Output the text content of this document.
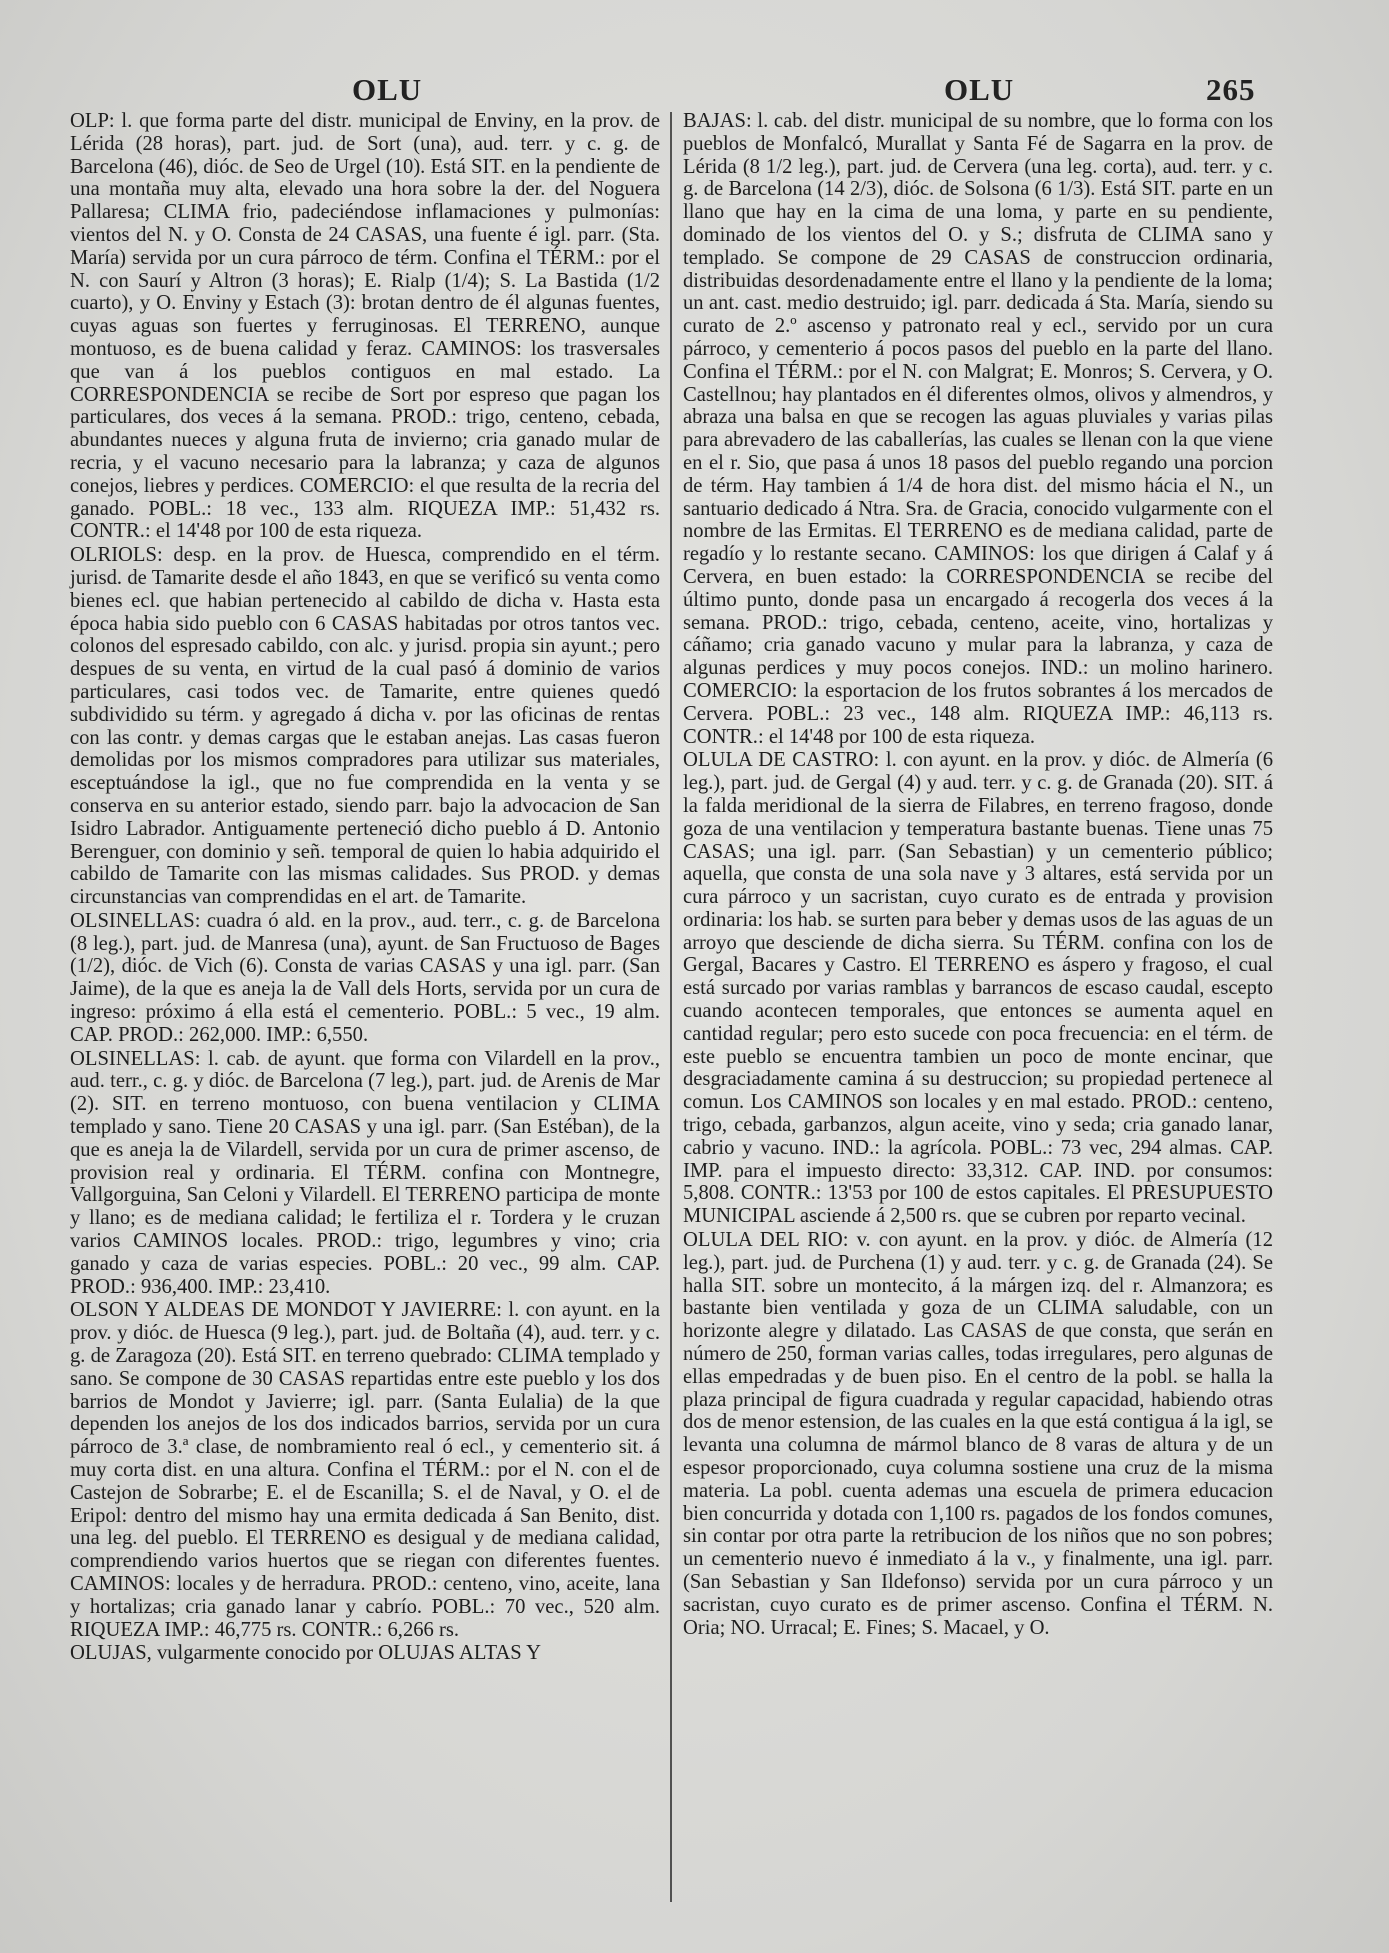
OLU	OLU	265

OLP: l. que forma parte del distr. municipal de Enviny, en la prov. de Lérida (28 horas), part. jud. de Sort (una), aud. terr. y c. g. de Barcelona (46), dióc. de Seo de Urgel (10). Está SIT. en la pendiente de una montaña muy alta, elevado una hora sobre la der. del Noguera Pallaresa; CLIMA frio, padeciéndose inflamaciones y pulmonías: vientos del N. y O. Consta de 24 CASAS, una fuente é igl. parr. (Sta. María) servida por un cura párroco de térm. Confina el TÉRM.: por el N. con Saurí y Altron (3 horas); E. Rialp (1/4); S. La Bastida (1/2 cuarto), y O. Enviny y Estach (3): brotan dentro de él algunas fuentes, cuyas aguas son fuertes y ferruginosas. El TERRENO, aunque montuoso, es de buena calidad y feraz. CAMINOS: los trasversales que van á los pueblos contiguos en mal estado. La CORRESPONDENCIA se recibe de Sort por espreso que pagan los particulares, dos veces á la semana. PROD.: trigo, centeno, cebada, abundantes nueces y alguna fruta de invierno; cria ganado mular de recria, y el vacuno necesario para la labranza; y caza de algunos conejos, liebres y perdices. COMERCIO: el que resulta de la recria del ganado. POBL.: 18 vec., 133 alm. RIQUEZA IMP.: 51,432 rs. CONTR.: el 14'48 por 100 de esta riqueza.

OLRIOLS: desp. en la prov. de Huesca, comprendido en el térm. jurisd. de Tamarite desde el año 1843, en que se verificó su venta como bienes ecl. que habian pertenecido al cabildo de dicha v. Hasta esta época habia sido pueblo con 6 CASAS habitadas por otros tantos vec. colonos del espresado cabildo, con alc. y jurisd. propia sin ayunt.; pero despues de su venta, en virtud de la cual pasó á dominio de varios particulares, casi todos vec. de Tamarite, entre quienes quedó subdividido su térm. y agregado á dicha v. por las oficinas de rentas con las contr. y demas cargas que le estaban anejas. Las casas fueron demolidas por los mismos compradores para utilizar sus materiales, esceptuándose la igl., que no fue comprendida en la venta y se conserva en su anterior estado, siendo parr. bajo la advocacion de San Isidro Labrador. Antiguamente perteneció dicho pueblo á D. Antonio Berenguer, con dominio y señ. temporal de quien lo habia adquirido el cabildo de Tamarite con las mismas calidades. Sus PROD. y demas circunstancias van comprendidas en el art. de Tamarite.

OLSINELLAS: cuadra ó ald. en la prov., aud. terr., c. g. de Barcelona (8 leg.), part. jud. de Manresa (una), ayunt. de San Fructuoso de Bages (1/2), dióc. de Vich (6). Consta de varias CASAS y una igl. parr. (San Jaime), de la que es aneja la de Vall dels Horts, servida por un cura de ingreso: próximo á ella está el cementerio. POBL.: 5 vec., 19 alm. CAP. PROD.: 262,000. IMP.: 6,550.

OLSINELLAS: l. cab. de ayunt. que forma con Vilardell en la prov., aud. terr., c. g. y dióc. de Barcelona (7 leg.), part. jud. de Arenis de Mar (2). SIT. en terreno montuoso, con buena ventilacion y CLIMA templado y sano. Tiene 20 CASAS y una igl. parr. (San Estéban), de la que es aneja la de Vilardell, servida por un cura de primer ascenso, de provision real y ordinaria. El TÉRM. confina con Montnegre, Vallgorguina, San Celoni y Vilardell. El TERRENO participa de monte y llano; es de mediana calidad; le fertiliza el r. Tordera y le cruzan varios CAMINOS locales. PROD.: trigo, legumbres y vino; cria ganado y caza de varias especies. POBL.: 20 vec., 99 alm. CAP. PROD.: 936,400. IMP.: 23,410.

OLSON Y ALDEAS DE MONDOT Y JAVIERRE: l. con ayunt. en la prov. y dióc. de Huesca (9 leg.), part. jud. de Boltaña (4), aud. terr. y c. g. de Zaragoza (20). Está SIT. en terreno quebrado: CLIMA templado y sano. Se compone de 30 CASAS repartidas entre este pueblo y los dos barrios de Mondot y Javierre; igl. parr. (Santa Eulalia) de la que dependen los anejos de los dos indicados barrios, servida por un cura párroco de 3.ª clase, de nombramiento real ó ecl., y cementerio sit. á muy corta dist. en una altura. Confina el TÉRM.: por el N. con el de Castejon de Sobrarbe; E. el de Escanilla; S. el de Naval, y O. el de Eripol: dentro del mismo hay una ermita dedicada á San Benito, dist. una leg. del pueblo. El TERRENO es desigual y de mediana calidad, comprendiendo varios huertos que se riegan con diferentes fuentes. CAMINOS: locales y de herradura. PROD.: centeno, vino, aceite, lana y hortalizas; cria ganado lanar y cabrío. POBL.: 70 vec., 520 alm. RIQUEZA IMP.: 46,775 rs. CONTR.: 6,266 rs.

OLUJAS, vulgarmente conocido por OLUJAS ALTAS Y

BAJAS: l. cab. del distr. municipal de su nombre, que lo forma con los pueblos de Monfalcó, Murallat y Santa Fé de Sagarra en la prov. de Lérida (8 1/2 leg.), part. jud. de Cervera (una leg. corta), aud. terr. y c. g. de Barcelona (14 2/3), dióc. de Solsona (6 1/3). Está SIT. parte en un llano que hay en la cima de una loma, y parte en su pendiente, dominado de los vientos del O. y S.; disfruta de CLIMA sano y templado. Se compone de 29 CASAS de construccion ordinaria, distribuidas desordenadamente entre el llano y la pendiente de la loma; un ant. cast. medio destruido; igl. parr. dedicada á Sta. María, siendo su curato de 2.º ascenso y patronato real y ecl., servido por un cura párroco, y cementerio á pocos pasos del pueblo en la parte del llano. Confina el TÉRM.: por el N. con Malgrat; E. Monros; S. Cervera, y O. Castellnou; hay plantados en él diferentes olmos, olivos y almendros, y abraza una balsa en que se recogen las aguas pluviales y varias pilas para abrevadero de las caballerías, las cuales se llenan con la que viene en el r. Sio, que pasa á unos 18 pasos del pueblo regando una porcion de térm. Hay tambien á 1/4 de hora dist. del mismo hácia el N., un santuario dedicado á Ntra. Sra. de Gracia, conocido vulgarmente con el nombre de las Ermitas. El TERRENO es de mediana calidad, parte de regadío y lo restante secano. CAMINOS: los que dirigen á Calaf y á Cervera, en buen estado: la CORRESPONDENCIA se recibe del último punto, donde pasa un encargado á recogerla dos veces á la semana. PROD.: trigo, cebada, centeno, aceite, vino, hortalizas y cáñamo; cria ganado vacuno y mular para la labranza, y caza de algunas perdices y muy pocos conejos. IND.: un molino harinero. COMERCIO: la esportacion de los frutos sobrantes á los mercados de Cervera. POBL.: 23 vec., 148 alm. RIQUEZA IMP.: 46,113 rs. CONTR.: el 14'48 por 100 de esta riqueza.

OLULA DE CASTRO: l. con ayunt. en la prov. y dióc. de Almería (6 leg.), part. jud. de Gergal (4) y aud. terr. y c. g. de Granada (20). SIT. á la falda meridional de la sierra de Filabres, en terreno fragoso, donde goza de una ventilacion y temperatura bastante buenas. Tiene unas 75 CASAS; una igl. parr. (San Sebastian) y un cementerio público; aquella, que consta de una sola nave y 3 altares, está servida por un cura párroco y un sacristan, cuyo curato es de entrada y provision ordinaria: los hab. se surten para beber y demas usos de las aguas de un arroyo que desciende de dicha sierra. Su TÉRM. confina con los de Gergal, Bacares y Castro. El TERRENO es áspero y fragoso, el cual está surcado por varias ramblas y barrancos de escaso caudal, escepto cuando acontecen temporales, que entonces se aumenta aquel en cantidad regular; pero esto sucede con poca frecuencia: en el térm. de este pueblo se encuentra tambien un poco de monte encinar, que desgraciadamente camina á su destruccion; su propiedad pertenece al comun. Los CAMINOS son locales y en mal estado. PROD.: centeno, trigo, cebada, garbanzos, algun aceite, vino y seda; cria ganado lanar, cabrio y vacuno. IND.: la agrícola. POBL.: 73 vec, 294 almas. CAP. IMP. para el impuesto directo: 33,312. CAP. IND. por consumos: 5,808. CONTR.: 13'53 por 100 de estos capitales. El PRESUPUESTO MUNICIPAL asciende á 2,500 rs. que se cubren por reparto vecinal.

OLULA DEL RIO: v. con ayunt. en la prov. y dióc. de Almería (12 leg.), part. jud. de Purchena (1) y aud. terr. y c. g. de Granada (24). Se halla SIT. sobre un montecito, á la márgen izq. del r. Almanzora; es bastante bien ventilada y goza de un CLIMA saludable, con un horizonte alegre y dilatado. Las CASAS de que consta, que serán en número de 250, forman varias calles, todas irregulares, pero algunas de ellas empedradas y de buen piso. En el centro de la pobl. se halla la plaza principal de figura cuadrada y regular capacidad, habiendo otras dos de menor estension, de las cuales en la que está contigua á la igl, se levanta una columna de mármol blanco de 8 varas de altura y de un espesor proporcionado, cuya columna sostiene una cruz de la misma materia. La pobl. cuenta ademas una escuela de primera educacion bien concurrida y dotada con 1,100 rs. pagados de los fondos comunes, sin contar por otra parte la retribucion de los niños que no son pobres; un cementerio nuevo é inmediato á la v., y finalmente, una igl. parr. (San Sebastian y San Ildefonso) servida por un cura párroco y un sacristan, cuyo curato es de primer ascenso. Confina el TÉRM. N. Oria; NO. Urracal; E. Fines; S. Macael, y O.
